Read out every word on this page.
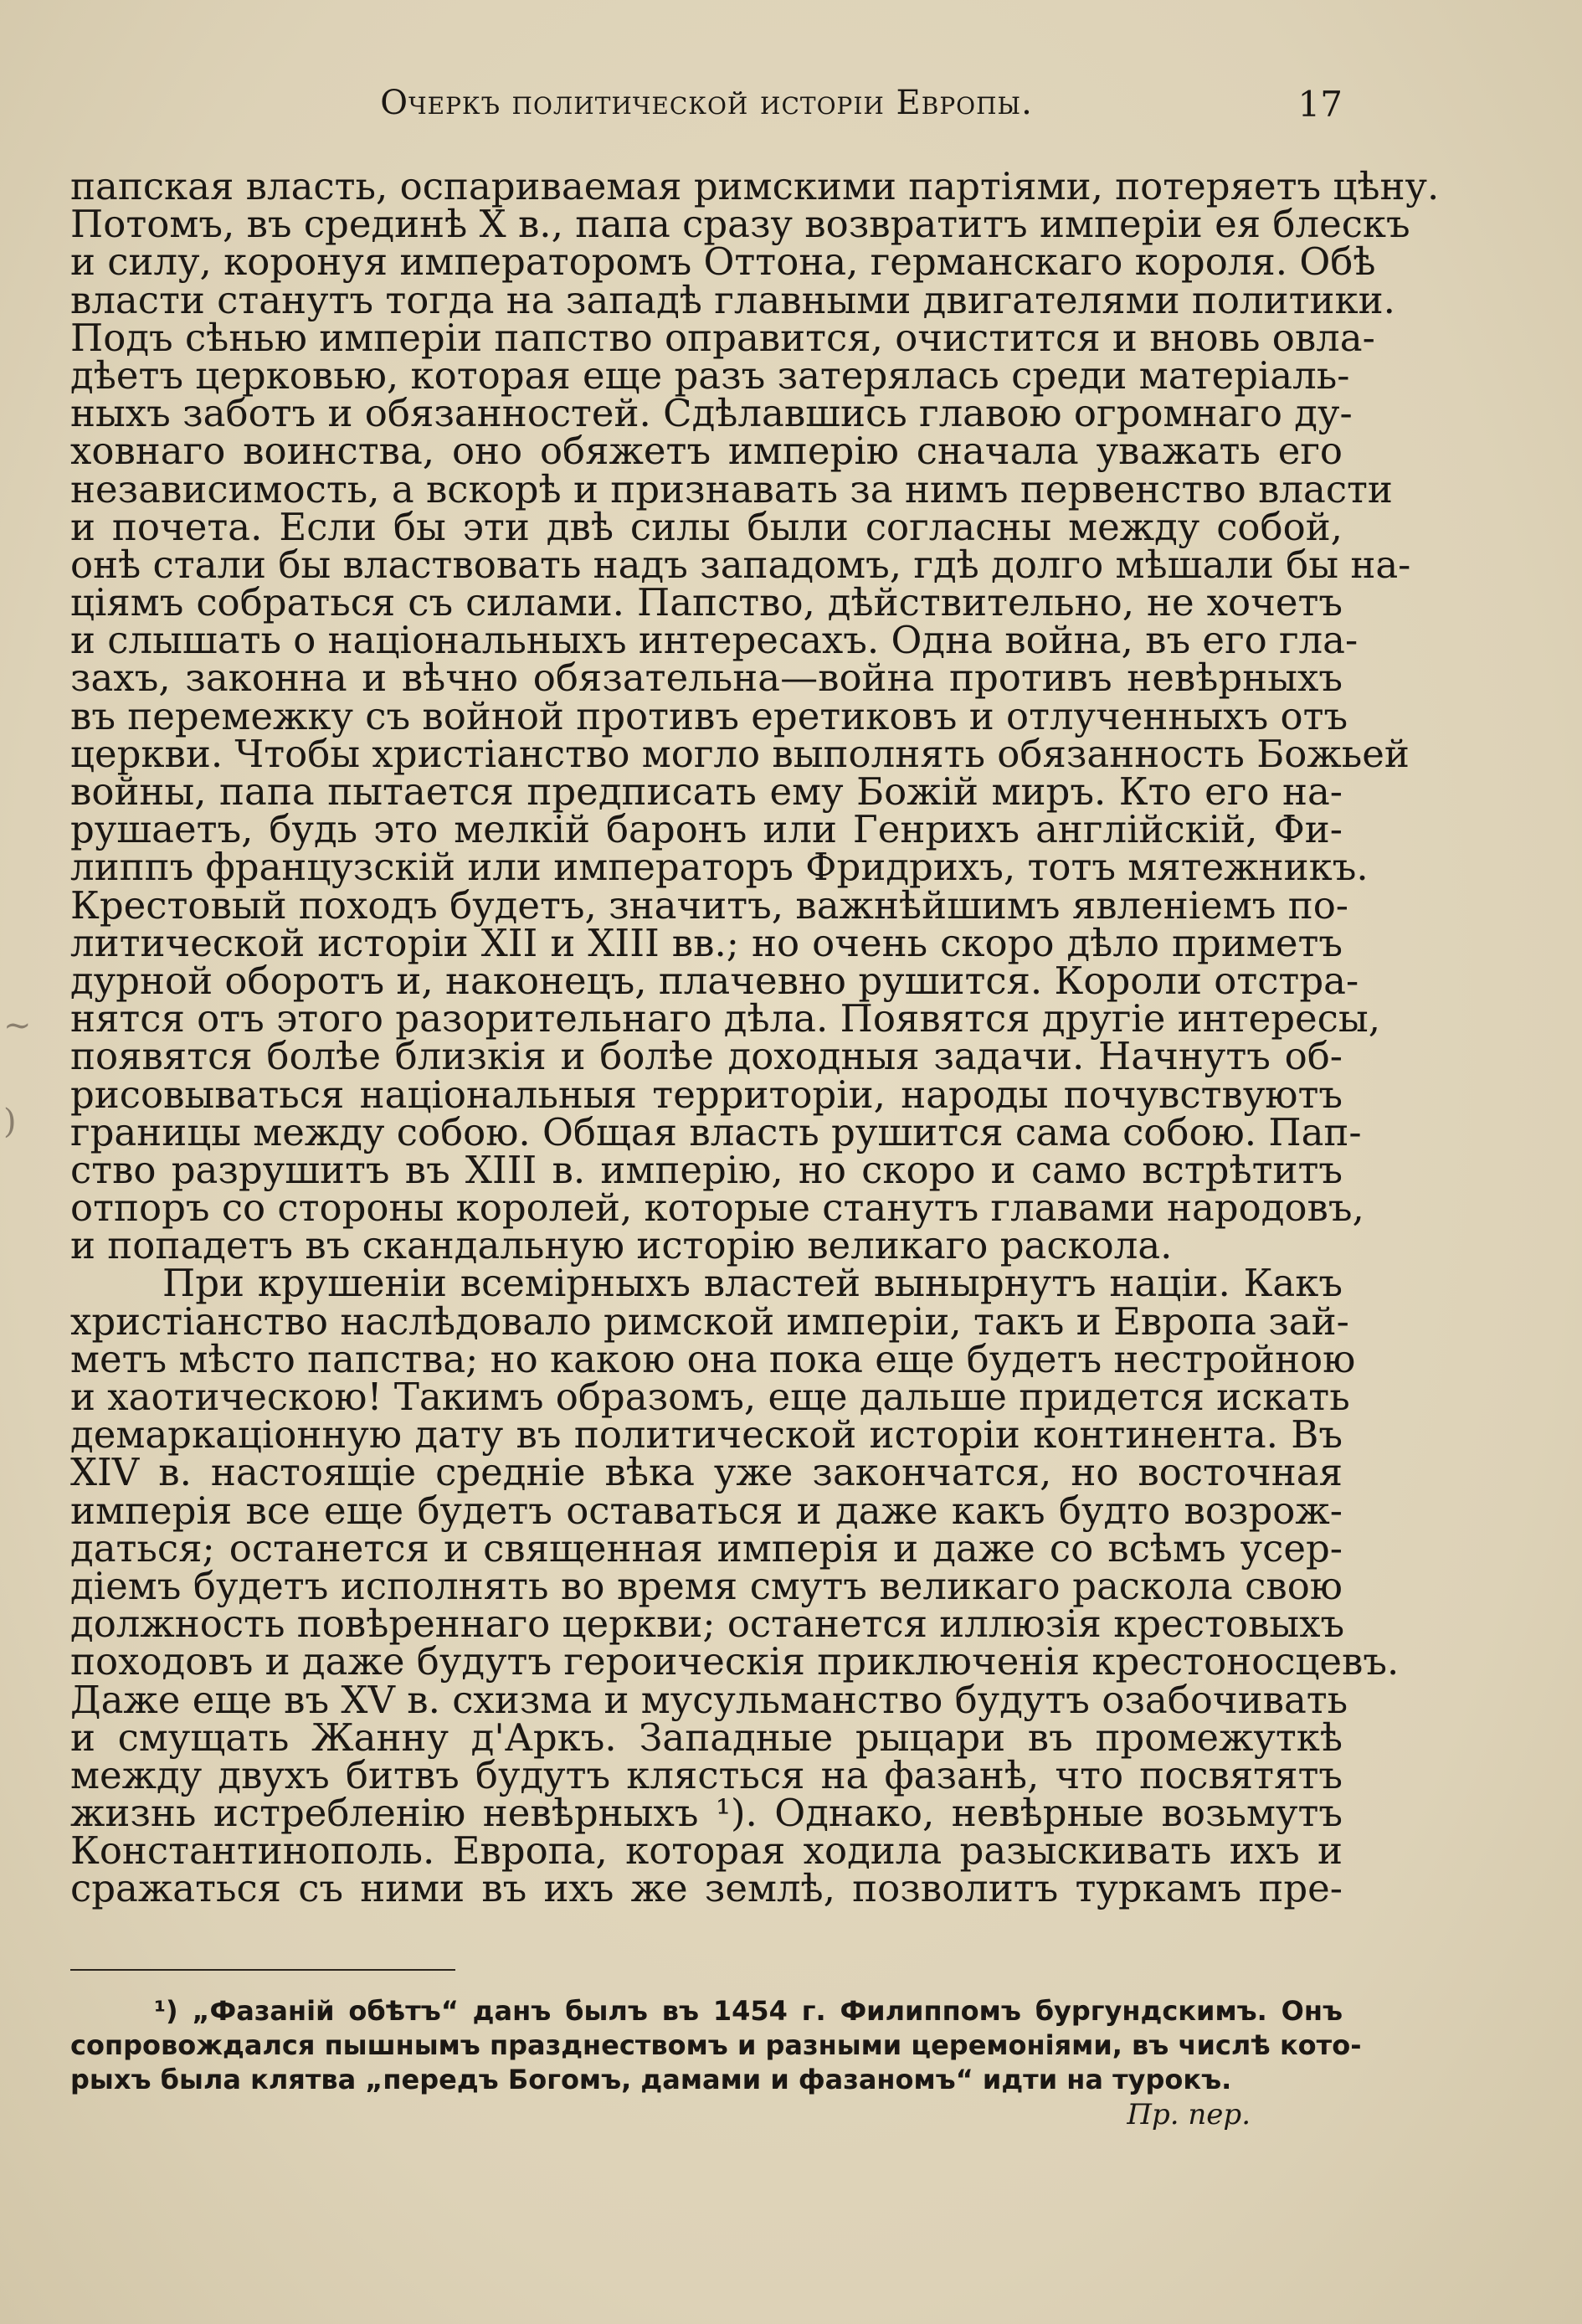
Очеркъ политической исторіи Европы.	17
~
)
папская власть, оспариваемая римскими партіями, потеряетъ цѣну.
Потомъ, въ срединѣ X в., папа сразу возвратитъ имперіи ея блескъ
и силу, коронуя императоромъ Оттона, германскаго короля. Обѣ
власти станутъ тогда на западѣ главными двигателями политики.
Подъ сѣнью имперіи папство оправится, очистится и вновь овла-
дѣетъ церковью, которая еще разъ затерялась среди матеріаль-
ныхъ заботъ и обязанностей. Сдѣлавшись главою огромнаго ду-
ховнаго воинства, оно обяжетъ имперію сначала уважать его
независимость, а вскорѣ и признавать за нимъ первенство власти
и почета. Если бы эти двѣ силы были согласны между собой,
онѣ стали бы властвовать надъ западомъ, гдѣ долго мѣшали бы на-
ціямъ собраться съ силами. Папство, дѣйствительно, не хочетъ
и слышать о національныхъ интересахъ. Одна война, въ его гла-
захъ, законна и вѣчно обязательна—война противъ невѣрныхъ
въ перемежку съ войной противъ еретиковъ и отлученныхъ отъ
церкви. Чтобы христіанство могло выполнять обязанность Божьей
войны, папа пытается предписать ему Божій миръ. Кто его на-
рушаетъ, будь это мелкій баронъ или Генрихъ англійскій, Фи-
липпъ французскій или императоръ Фридрихъ, тотъ мятежникъ.
Крестовый походъ будетъ, значитъ, важнѣйшимъ явленіемъ по-
литической исторіи XII и XIII вв.; но очень скоро дѣло приметъ
дурной оборотъ и, наконецъ, плачевно рушится. Короли отстра-
нятся отъ этого разорительнаго дѣла. Появятся другіе интересы,
появятся болѣе близкія и болѣе доходныя задачи. Начнутъ об-
рисовываться національныя территоріи, народы почувствуютъ
границы между собою. Общая власть рушится сама собою. Пап-
ство разрушитъ въ XIII в. имперію, но скоро и само встрѣтитъ
отпоръ со стороны королей, которые станутъ главами народовъ,
и попадетъ въ скандальную исторію великаго раскола.
При крушеніи всемірныхъ властей вынырнутъ націи. Какъ
христіанство наслѣдовало римской имперіи, такъ и Европа зай-
метъ мѣсто папства; но какою она пока еще будетъ нестройною
и хаотическою! Такимъ образомъ, еще дальше придется искать
демаркаціонную дату въ политической исторіи континента. Въ
XIV в. настоящіе средніе вѣка уже закончатся, но восточная
имперія все еще будетъ оставаться и даже какъ будто возрож-
даться; останется и священная имперія и даже со всѣмъ усер-
діемъ будетъ исполнять во время смутъ великаго раскола свою
должность повѣреннаго церкви; останется иллюзія крестовыхъ
походовъ и даже будутъ героическія приключенія крестоносцевъ.
Даже еще въ XV в. схизма и мусульманство будутъ озабочивать
и смущать Жанну д'Аркъ. Западные рыцари въ промежуткѣ
между двухъ битвъ будутъ клясться на фазанѣ, что посвятятъ
жизнь истребленію невѣрныхъ ¹). Однако, невѣрные возьмутъ
Константинополь. Европа, которая ходила разыскивать ихъ и
сражаться съ ними въ ихъ же землѣ, позволитъ туркамъ пре-
¹) „Фазаній обѣтъ“ данъ былъ въ 1454 г. Филиппомъ бургундскимъ. Онъ
сопровождался пышнымъ празднествомъ и разными церемоніями, въ числѣ кото-
рыхъ была клятва „передъ Богомъ, дамами и фазаномъ“ идти на турокъ.
Пр. пер.
